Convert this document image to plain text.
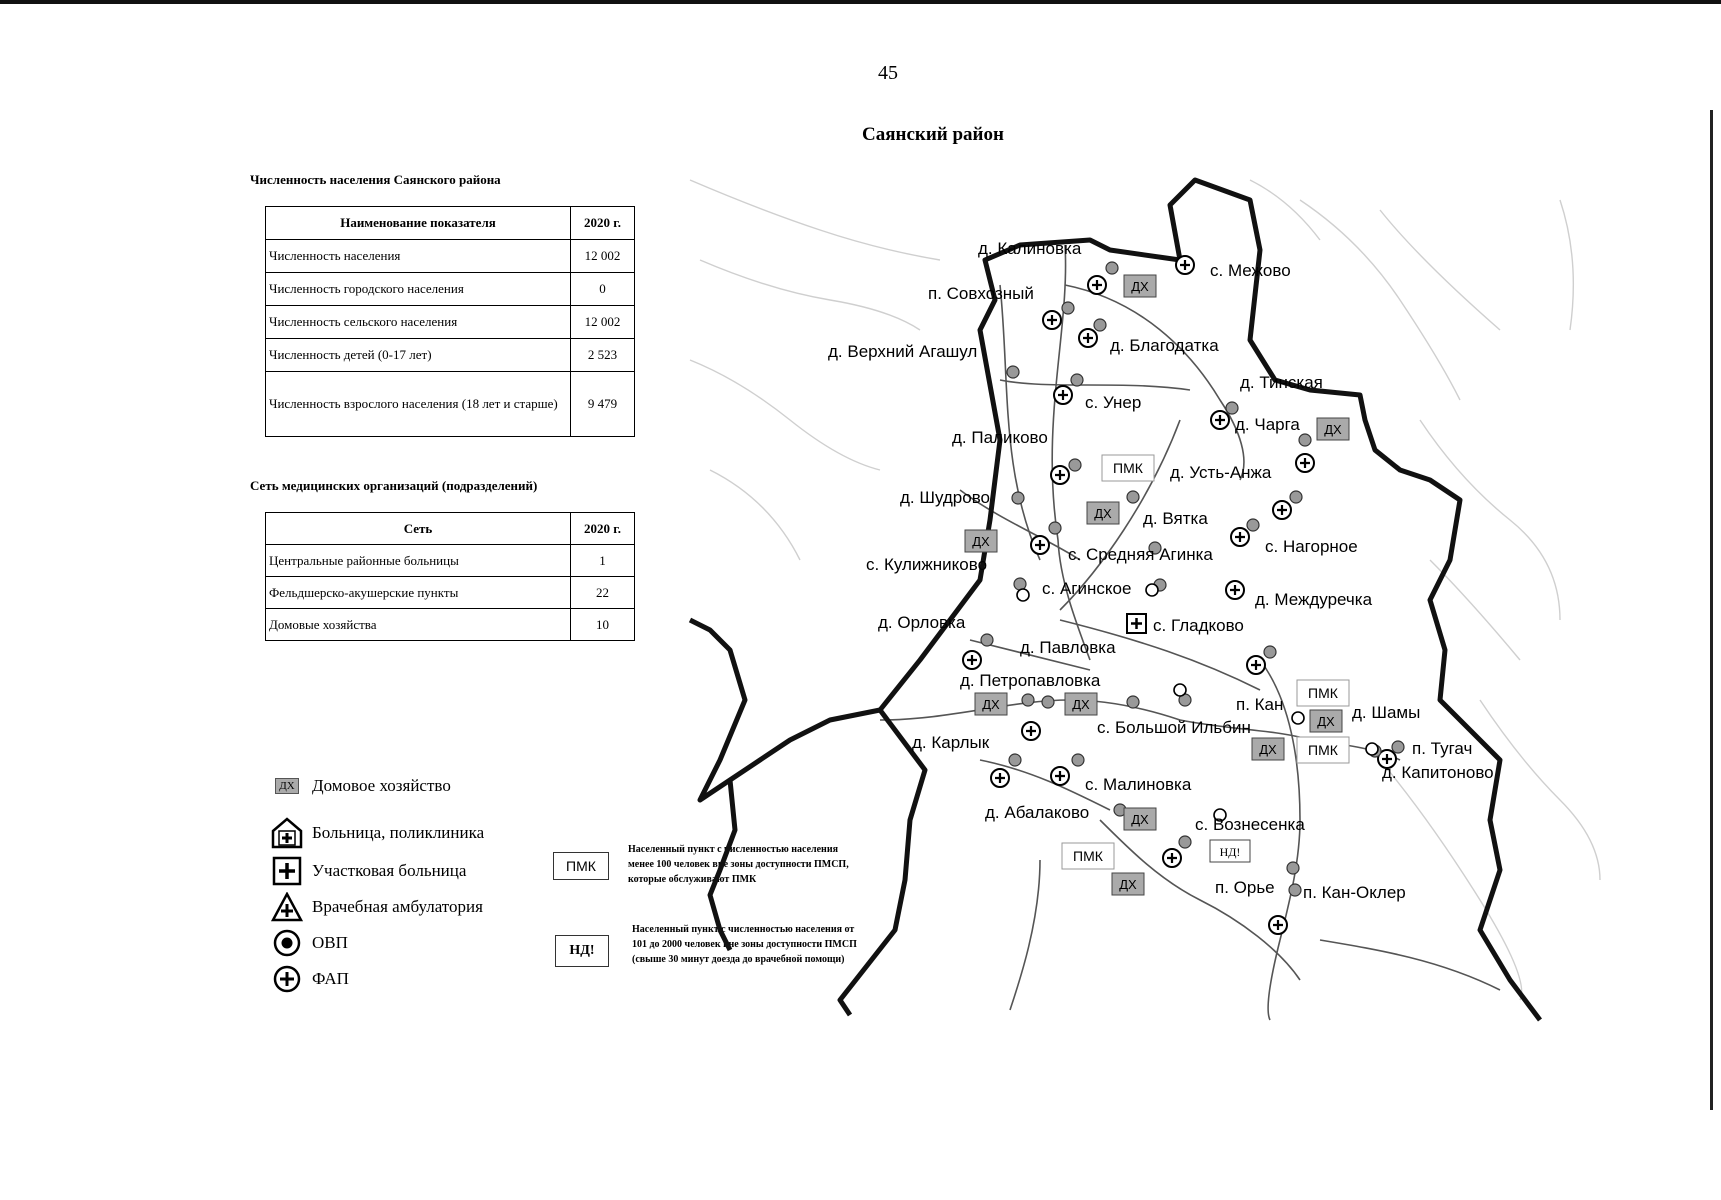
45
Саянский район
Численность населения Саянского района
Наименование показателя	2020 г.
Численность населения	12 002
Численность городского населения	0
Численность сельского населения	12 002
Численность детей (0-17 лет)	2 523
Численность взрослого населения (18 лет и старше)	9 479
Сеть медицинских организаций (подразделений)
Сеть	2020 г.
Центральные районные больницы	1
Фельдшерско-акушерские пункты	22
Домовые хозяйства	10
ДХ Домовое хозяйство
Больница, поликлиника
Участковая больница
Врачебная амбулатория
ОВП
ФАП
ПМК
Населенный пункт с численностью населения менее 100 человек вне зоны доступности ПМСП, которые обслуживают ПМК
НД!
Населенный пункт с численностью населения от 101 до 2000 человек вне зоны доступности ПМСП (свыше 30 минут доезда до врачебной помощи)
ДХ
ДХ
ДХ
ДХ
ДХ	ДХ
ДХ
ДХ
ДХ
ДХ
ПМК
ПМК
ПМК
ПМК	НД!
д. Калиновка
с. Межово
п. Совхозный
д. Благодатка
д. Верхний Агашул
д. Тинская
с. Унер
д. Чарга
д. Паликово
д. Усть-Анжа
д. Шудрово
д. Вятка
с. Нагорное
с. Кулижниково
с. Средняя Агинка
с. Агинское
д. Междуречка
д. Орловка	с. Гладково
д. Павловка
д. Петропавловка
п. Кан	д. Шамы
с. Большой Ильбин
п. Тугач
д. Карлык
д. Капитоново
с. Малиновка
д. Абалаково
с. Вознесенка
п. Орье п. Кан-Оклер
